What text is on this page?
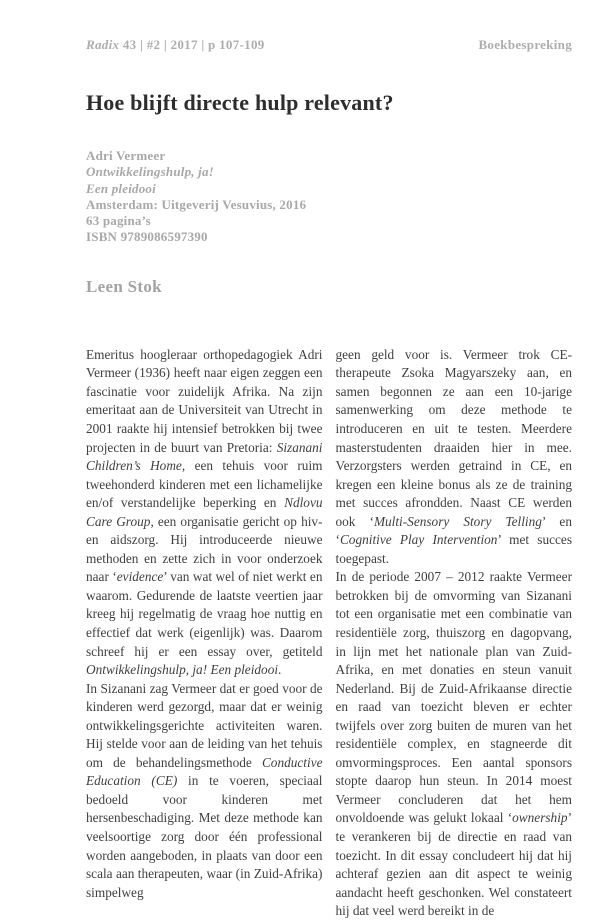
Radix 43 | #2 | 2017 | p 107-109	Boekbespreking
Hoe blijft directe hulp relevant?
Adri Vermeer
Ontwikkelingshulp, ja!
Een pleidooi
Amsterdam: Uitgeverij Vesuvius, 2016
63 pagina’s
ISBN 9789086597390
Leen Stok

Emeritus hoogleraar orthopedagogiek Adri Vermeer (1936) heeft naar eigen zeggen een fascinatie voor zuidelijk Afrika. Na zijn emeritaat aan de Universiteit van Utrecht in 2001 raakte hij intensief betrokken bij twee projecten in de buurt van Pretoria: Sizanani Children’s Home, een tehuis voor ruim tweehonderd kinderen met een lichamelijke en/of verstandelijke beperking en Ndlovu Care Group, een organisatie gericht op hiv- en aidszorg. Hij introduceerde nieuwe methoden en zette zich in voor onderzoek naar ‘evidence’ van wat wel of niet werkt en waarom. Gedurende de laatste veertien jaar kreeg hij regelmatig de vraag hoe nuttig en effectief dat werk (eigenlijk) was. Daarom schreef hij er een essay over, getiteld Ontwikkelingshulp, ja! Een pleidooi.

In Sizanani zag Vermeer dat er goed voor de kinderen werd gezorgd, maar dat er weinig ontwikkelingsgerichte activiteiten waren. Hij stelde voor aan de leiding van het tehuis om de behandelingsmethode Conductive Education (CE) in te voeren, speciaal bedoeld voor kinderen met hersenbeschadiging. Met deze methode kan veelsoortige zorg door één professional worden aangeboden, in plaats van door een scala aan therapeuten, waar (in Zuid-Afrika) simpelweg

geen geld voor is. Vermeer trok CE-therapeute Zsoka Magyarszeky aan, en samen begonnen ze aan een 10-jarige samenwerking om deze methode te introduceren en uit te testen. Meerdere masterstudenten draaiden hier in mee. Verzorgsters werden getraind in CE, en kregen een kleine bonus als ze de training met succes afrondden. Naast CE werden ook ‘Multi-Sensory Story Telling’ en ‘Cognitive Play Intervention’ met succes toegepast.

In de periode 2007 – 2012 raakte Vermeer betrokken bij de omvorming van Sizanani tot een organisatie met een combinatie van residentiële zorg, thuiszorg en dagopvang, in lijn met het nationale plan van Zuid-Afrika, en met donaties en steun vanuit Nederland. Bij de Zuid-Afrikaanse directie en raad van toezicht bleven er echter twijfels over zorg buiten de muren van het residentiële complex, en stagneerde dit omvormingsproces. Een aantal sponsors stopte daarop hun steun. In 2014 moest Vermeer concluderen dat het hem onvoldoende was gelukt lokaal ‘ownership’ te verankeren bij de directie en raad van toezicht. In dit essay concludeert hij dat hij achteraf gezien aan dit aspect te weinig aandacht heeft geschonken. Wel constateert hij dat veel werd bereikt in de
